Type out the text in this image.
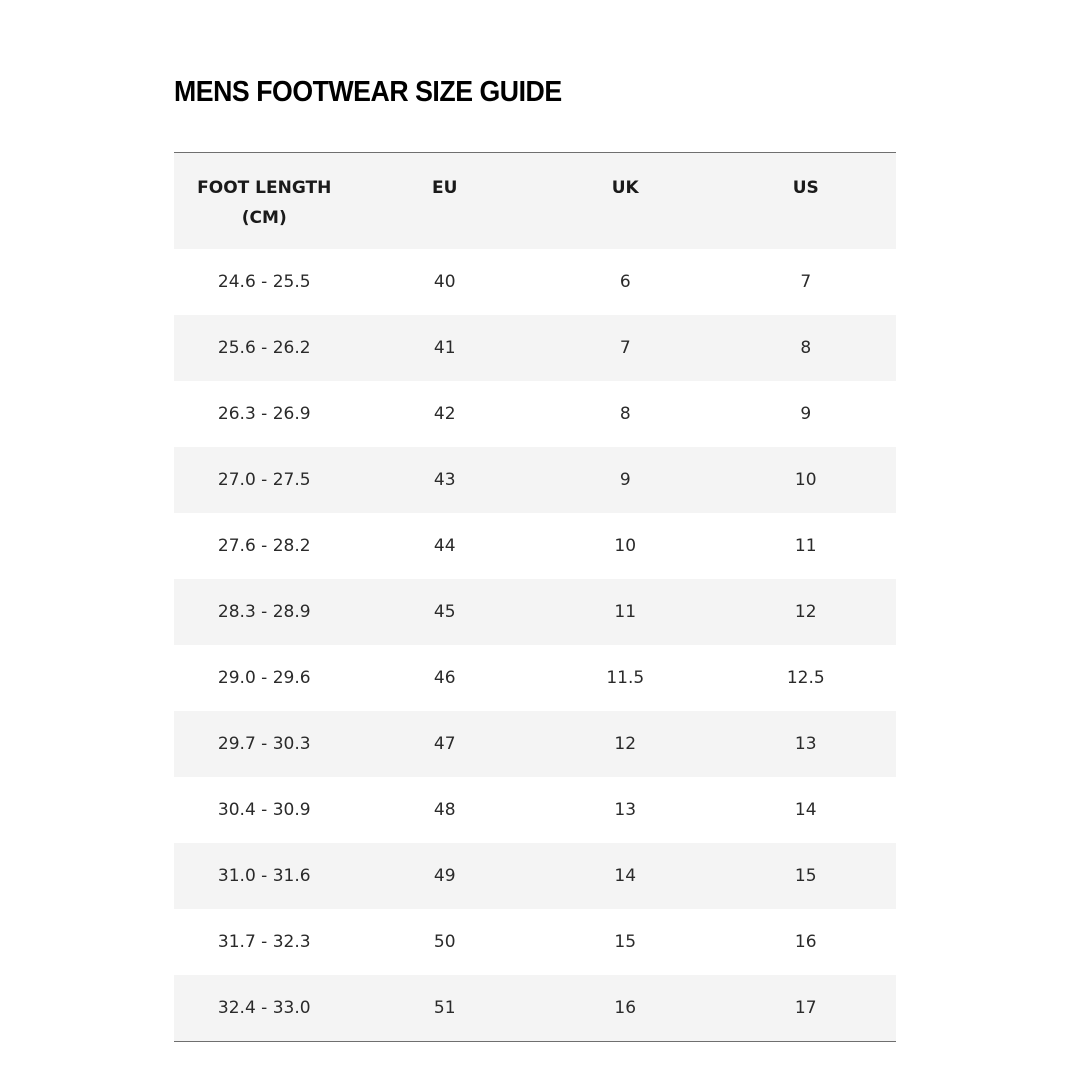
MENS FOOTWEAR SIZE GUIDE
FOOT LENGTH
(CM)	EU	UK	US
24.6 - 25.5	40	6	7
25.6 - 26.2	41	7	8
26.3 - 26.9	42	8	9
27.0 - 27.5	43	9	10
27.6 - 28.2	44	10	11
28.3 - 28.9	45	11	12
29.0 - 29.6	46	11.5	12.5
29.7 - 30.3	47	12	13
30.4 - 30.9	48	13	14
31.0 - 31.6	49	14	15
31.7 - 32.3	50	15	16
32.4 - 33.0	51	16	17
